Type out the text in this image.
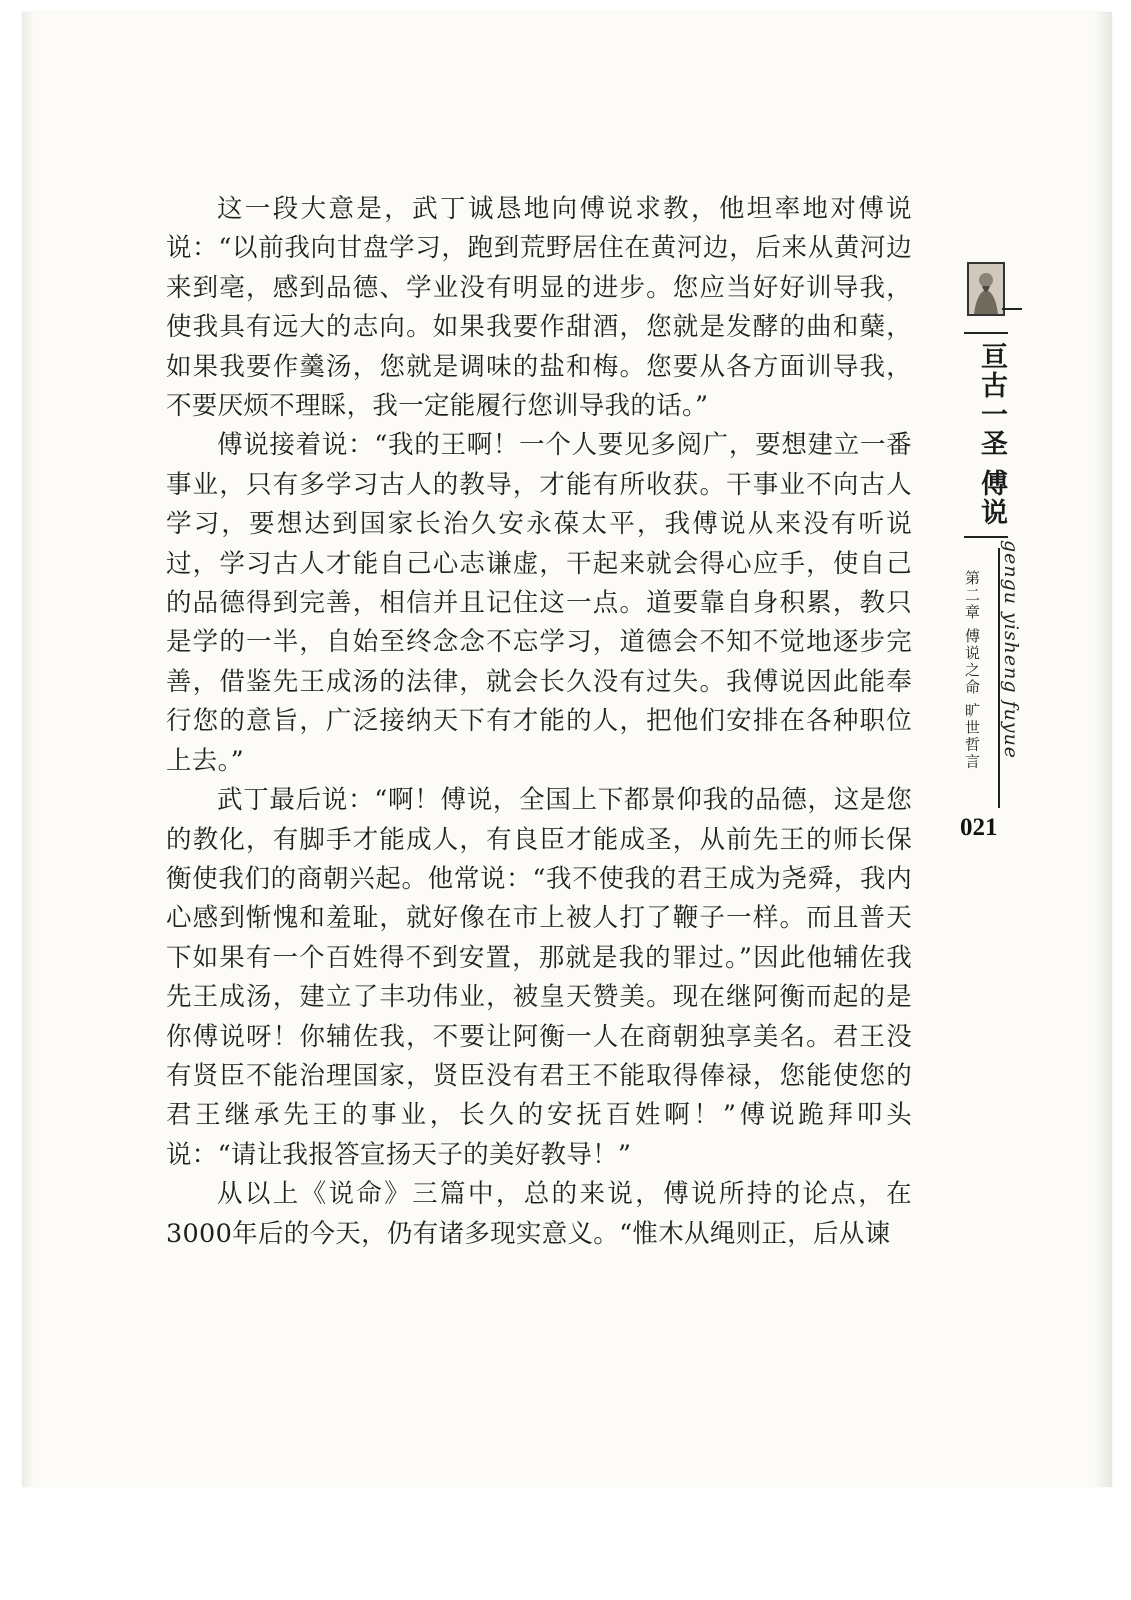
这一段大意是，武丁诚恳地向傅说求教，他坦率地对傅说说：“以前我向甘盘学习，跑到荒野居住在黄河边，后来从黄河边来到亳，感到品德、学业没有明显的进步。您应当好好训导我，使我具有远大的志向。如果我要作甜酒，您就是发酵的曲和蘖，如果我要作羹汤，您就是调味的盐和梅。您要从各方面训导我，不要厌烦不理睬，我一定能履行您训导我的话。”

傅说接着说：“我的王啊！一个人要见多阅广，要想建立一番事业，只有多学习古人的教导，才能有所收获。干事业不向古人学习，要想达到国家长治久安永葆太平，我傅说从来没有听说过，学习古人才能自己心志谦虚，干起来就会得心应手，使自己的品德得到完善，相信并且记住这一点。道要靠自身积累，教只是学的一半，自始至终念念不忘学习，道德会不知不觉地逐步完善，借鉴先王成汤的法律，就会长久没有过失。我傅说因此能奉行您的意旨，广泛接纳天下有才能的人，把他们安排在各种职位上去。”

武丁最后说：“啊！傅说，全国上下都景仰我的品德，这是您的教化，有脚手才能成人，有良臣才能成圣，从前先王的师长保衡使我们的商朝兴起。他常说：“我不使我的君王成为尧舜，我内心感到惭愧和羞耻，就好像在市上被人打了鞭子一样。而且普天下如果有一个百姓得不到安置，那就是我的罪过。”因此他辅佐我先王成汤，建立了丰功伟业，被皇天赞美。现在继阿衡而起的是你傅说呀！你辅佐我，不要让阿衡一人在商朝独享美名。君王没有贤臣不能治理国家，贤臣没有君王不能取得俸禄，您能使您的君王继承先王的事业，长久的安抚百姓啊！”傅说跪拜叩头说：“请让我报答宣扬天子的美好教导！”

从以上《说命》三篇中，总的来说，傅说所持的论点，在3000年后的今天，仍有诸多现实意义。“惟木从绳则正，后从谏

亘古一圣 傅说
gengu yisheng fuyue
第二章 傅说之命 旷世哲言
021
